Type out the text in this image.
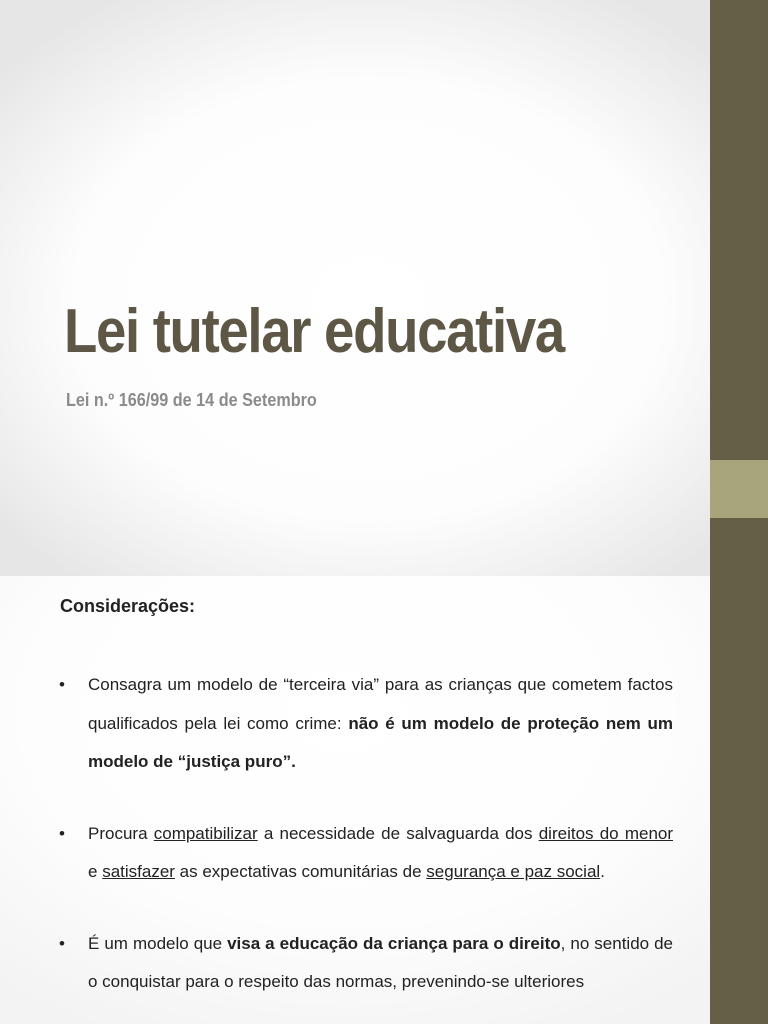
Lei tutelar educativa

Lei n.º 166/99 de 14 de Setembro

Considerações:
• Consagra um modelo de “terceira via” para as crianças que cometem factos qualificados pela lei como crime: não é um modelo de proteção nem um modelo de “justiça puro”.
• Procura compatibilizar a necessidade de salvaguarda dos direitos do menor e satisfazer as expectativas comunitárias de segurança e paz social.
• É um modelo que visa a educação da criança para o direito, no sentido de o conquistar para o respeito das normas, prevenindo-se ulteriores
